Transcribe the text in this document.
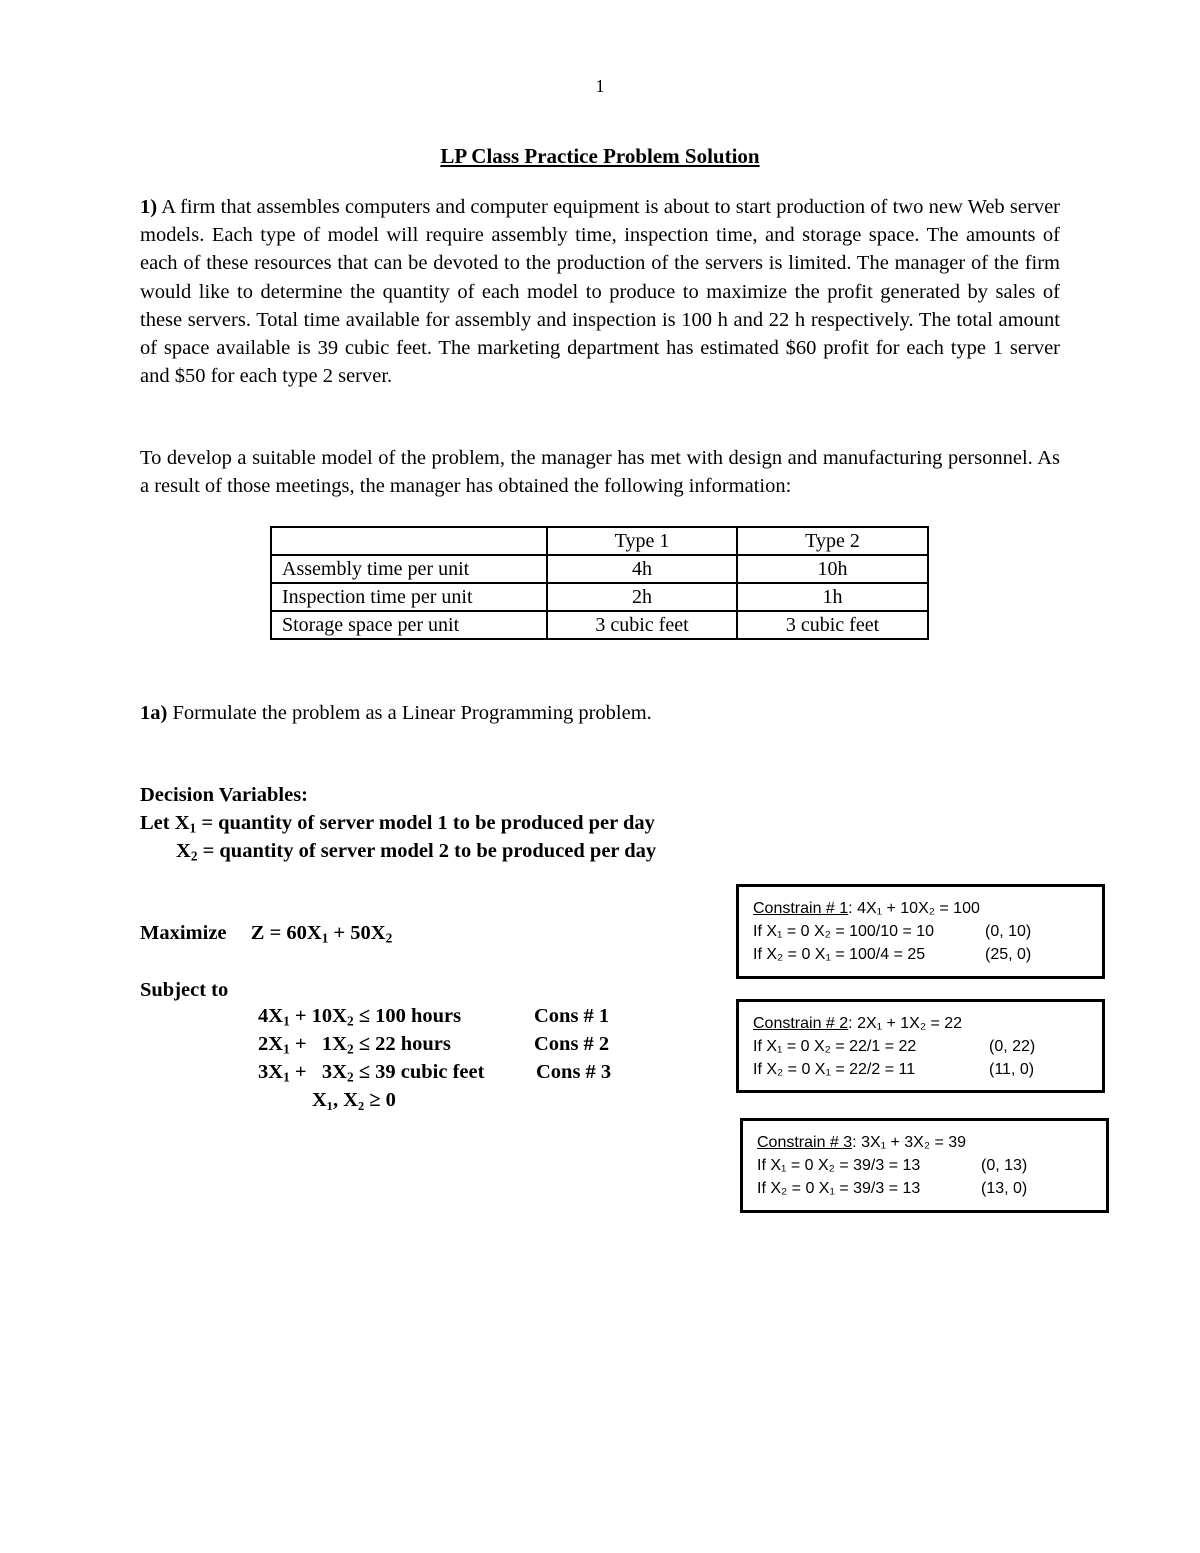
1
LP Class Practice Problem Solution
1) A firm that assembles computers and computer equipment is about to start production of two new Web server models. Each type of model will require assembly time, inspection time, and storage space. The amounts of each of these resources that can be devoted to the production of the servers is limited. The manager of the firm would like to determine the quantity of each model to produce to maximize the profit generated by sales of these servers. Total time available for assembly and inspection is 100 h and 22 h respectively. The total amount of space available is 39 cubic feet. The marketing department has estimated $60 profit for each type 1 server and $50 for each type 2 server.
To develop a suitable model of the problem, the manager has met with design and manufacturing personnel. As a result of those meetings, the manager has obtained the following information:
	Type 1	Type 2
Assembly time per unit	4h	10h
Inspection time per unit	2h	1h
Storage space per unit	3 cubic feet	3 cubic feet
1a) Formulate the problem as a Linear Programming problem.
Decision Variables:
Let $X_1$ = quantity of server model 1 to be produced per day
$X_2$ = quantity of server model 2 to be produced per day
Maximize $Z = 60X_1 + 50X_2$
Subject to
$4X_1 + 10X_2 \le 100$ hours	Cons # 1
$2X_1 + 1X_2 \le 22$ hours	Cons # 2
$3X_1 + 3X_2 \le 39$ cubic feet	Cons # 3
X₁, X₂ ≥ 0
Constrain # 1: 4X₁ + 10X₂ = 100
If X₁ = 0 X₂ = 100/10 = 10	(0, 10)
If X₂ = 0 X₁ = 100/4 = 25	(25, 0)
Constrain # 2: 2X₁ + 1X₂ = 22
If X₁ = 0 X₂ = 22/1 = 22	(0, 22)
If X₂ = 0 X₁ = 22/2 = 11	(11, 0)
Constrain # 3: 3X₁ + 3X₂ = 39
If X₁ = 0 X₂ = 39/3 = 13	(0, 13)
If X₂ = 0 X₁ = 39/3 = 13	(13, 0)
